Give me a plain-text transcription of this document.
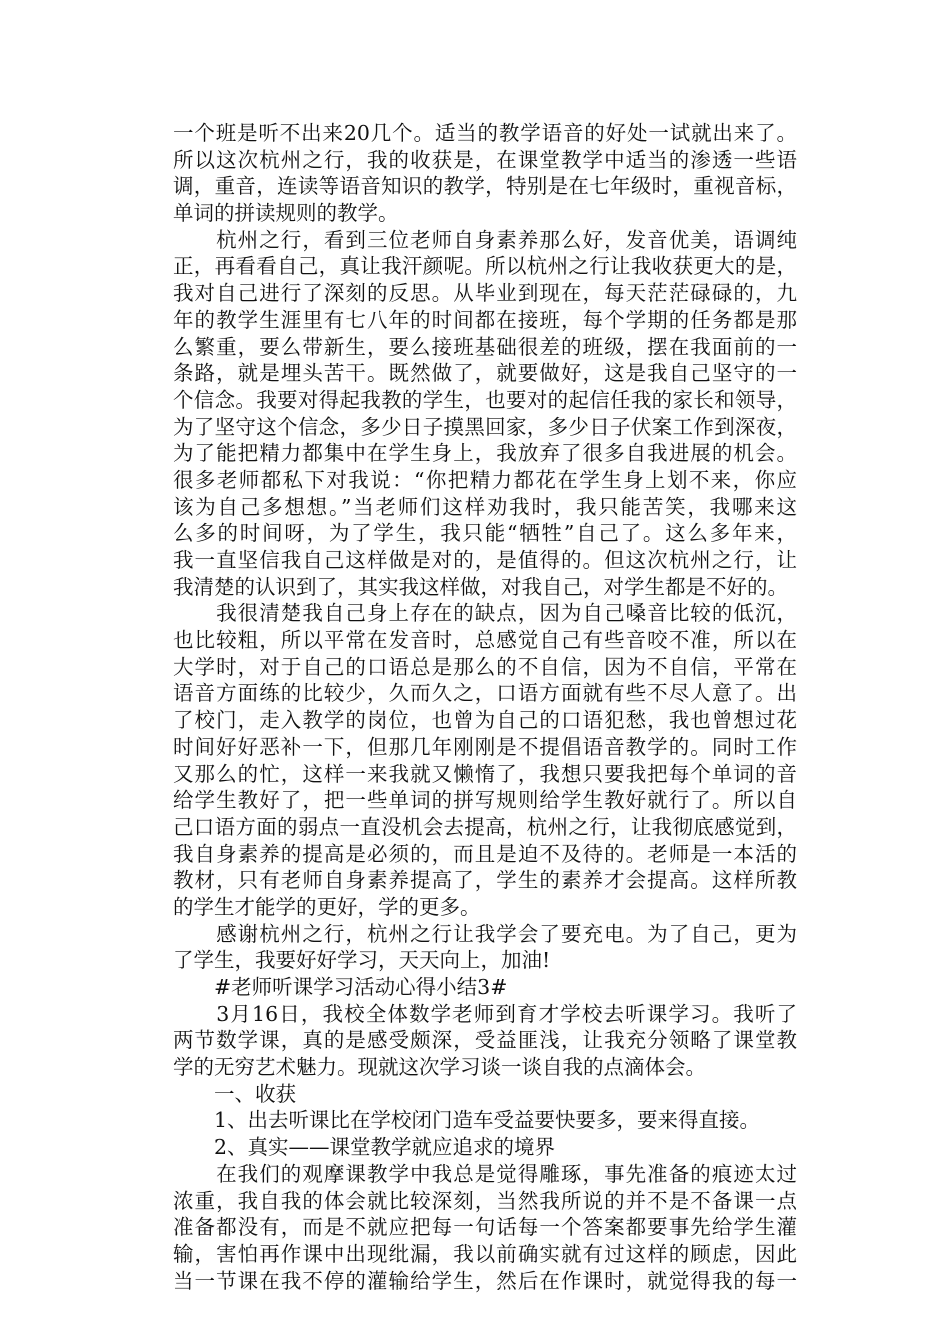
一个班是听不出来20几个。适当的教学语音的好处一试就出来了。
所以这次杭州之行，我的收获是，在课堂教学中适当的渗透一些语
调，重音，连读等语音知识的教学，特别是在七年级时，重视音标，
单词的拼读规则的教学。
　　杭州之行，看到三位老师自身素养那么好，发音优美，语调纯
正，再看看自己，真让我汗颜呢。所以杭州之行让我收获更大的是，
我对自己进行了深刻的反思。从毕业到现在，每天茫茫碌碌的，九
年的教学生涯里有七八年的时间都在接班，每个学期的任务都是那
么繁重，要么带新生，要么接班基础很差的班级，摆在我面前的一
条路，就是埋头苦干。既然做了，就要做好，这是我自己坚守的一
个信念。我要对得起我教的学生，也要对的起信任我的家长和领导，
为了坚守这个信念，多少日子摸黑回家，多少日子伏案工作到深夜，
为了能把精力都集中在学生身上，我放弃了很多自我进展的机会。
很多老师都私下对我说：“你把精力都花在学生身上划不来，你应
该为自己多想想。”当老师们这样劝我时，我只能苦笑，我哪来这
么多的时间呀，为了学生，我只能“牺牲”自己了。这么多年来，
我一直坚信我自己这样做是对的，是值得的。但这次杭州之行，让
我清楚的认识到了，其实我这样做，对我自己，对学生都是不好的。
　　我很清楚我自己身上存在的缺点，因为自己嗓音比较的低沉，
也比较粗，所以平常在发音时，总感觉自己有些音咬不准，所以在
大学时，对于自己的口语总是那么的不自信，因为不自信，平常在
语音方面练的比较少，久而久之，口语方面就有些不尽人意了。出
了校门，走入教学的岗位，也曾为自己的口语犯愁，我也曾想过花
时间好好恶补一下，但那几年刚刚是不提倡语音教学的。同时工作
又那么的忙，这样一来我就又懒惰了，我想只要我把每个单词的音
给学生教好了，把一些单词的拼写规则给学生教好就行了。所以自
己口语方面的弱点一直没机会去提高，杭州之行，让我彻底感觉到，
我自身素养的提高是必须的，而且是迫不及待的。老师是一本活的
教材，只有老师自身素养提高了，学生的素养才会提高。这样所教
的学生才能学的更好，学的更多。
　　感谢杭州之行，杭州之行让我学会了要充电。为了自己，更为
了学生，我要好好学习，天天向上，加油!
　　#老师听课学习活动心得小结3#
　　3月16日，我校全体数学老师到育才学校去听课学习。我听了
两节数学课，真的是感受颇深，受益匪浅，让我充分领略了课堂教
学的无穷艺术魅力。现就这次学习谈一谈自我的点滴体会。
　　一、收获
　　1、出去听课比在学校闭门造车受益要快要多，要来得直接。
　　2、真实——课堂教学就应追求的境界
　　在我们的观摩课教学中我总是觉得雕琢，事先准备的痕迹太过
浓重，我自我的体会就比较深刻，当然我所说的并不是不备课一点
准备都没有，而是不就应把每一句话每一个答案都要事先给学生灌
输，害怕再作课中出现纰漏，我以前确实就有过这样的顾虑，因此
当一节课在我不停的灌输给学生，然后在作课时，就觉得我的每一
